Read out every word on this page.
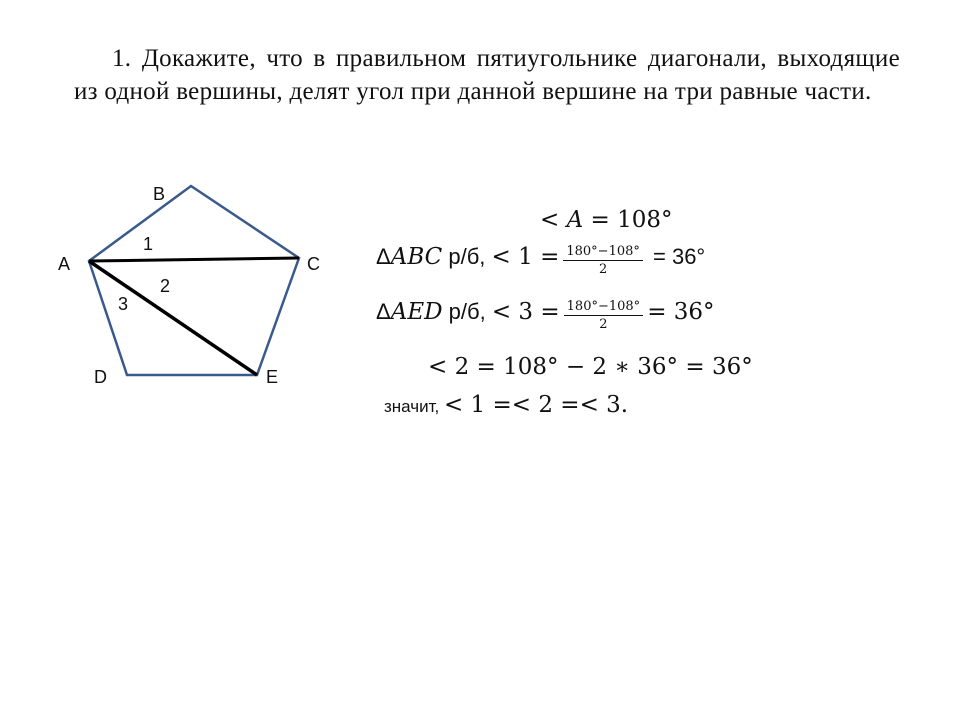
1. Докажите, что в правильном пятиугольнике диагонали, выходящие из одной вершины, делят угол при данной вершине на три равные части.
B
A	C
D	E
1
2
3
< A = 108°
ΔABC р/б, < $1 = \frac{180^\circ-108^\circ}{2} = 36^\circ$
ΔAED р/б, < $3 = \frac{180^\circ-108^\circ}{2} = 36^\circ$
< 2 = 108° − 2 ∗ 36° = 36°
значит, < 1 =< 2 =< 3.
